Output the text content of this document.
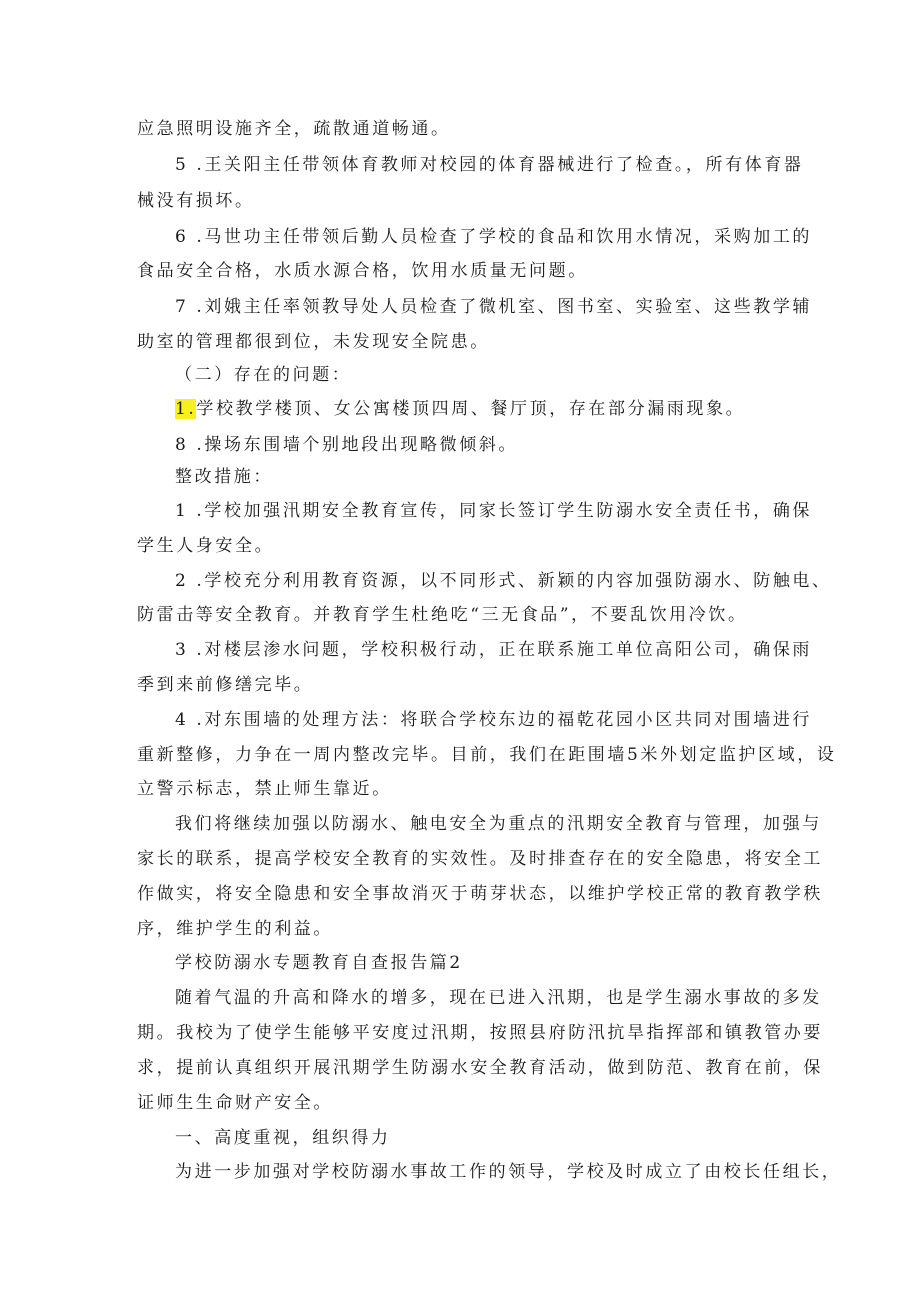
应急照明设施齐全，疏散通道畅通。
5 .王关阳主任带领体育教师对校园的体育器械进行了检查。，所有体育器
械没有损坏。
6 .马世功主任带领后勤人员检查了学校的食品和饮用水情况，采购加工的
食品安全合格，水质水源合格，饮用水质量无问题。
7 .刘娥主任率领教导处人员检查了微机室、图书室、实验室、这些教学辅
助室的管理都很到位，未发现安全院患。
（二）存在的问题：
1.学校教学楼顶、女公寓楼顶四周、餐厅顶，存在部分漏雨现象。
8 .操场东围墙个别地段出现略微倾斜。
整改措施：
1 .学校加强汛期安全教育宣传，同家长签订学生防溺水安全责任书，确保
学生人身安全。
2 .学校充分利用教育资源，以不同形式、新颖的内容加强防溺水、防触电、
防雷击等安全教育。并教育学生杜绝吃“三无食品”，不要乱饮用冷饮。
3 .对楼层渗水问题，学校积极行动，正在联系施工单位高阳公司，确保雨
季到来前修缮完毕。
4 .对东围墙的处理方法：将联合学校东边的福乾花园小区共同对围墙进行
重新整修，力争在一周内整改完毕。目前，我们在距围墙5米外划定监护区域，设
立警示标志，禁止师生靠近。
我们将继续加强以防溺水、触电安全为重点的汛期安全教育与管理，加强与
家长的联系，提高学校安全教育的实效性。及时排查存在的安全隐患，将安全工
作做实，将安全隐患和安全事故消灭于萌芽状态，以维护学校正常的教育教学秩
序，维护学生的利益。
学校防溺水专题教育自查报告篇2
随着气温的升高和降水的增多，现在已进入汛期，也是学生溺水事故的多发
期。我校为了使学生能够平安度过汛期，按照县府防汛抗旱指挥部和镇教管办要
求，提前认真组织开展汛期学生防溺水安全教育活动，做到防范、教育在前，保
证师生生命财产安全。
一、高度重视，组织得力
为进一步加强对学校防溺水事故工作的领导，学校及时成立了由校长任组长，
